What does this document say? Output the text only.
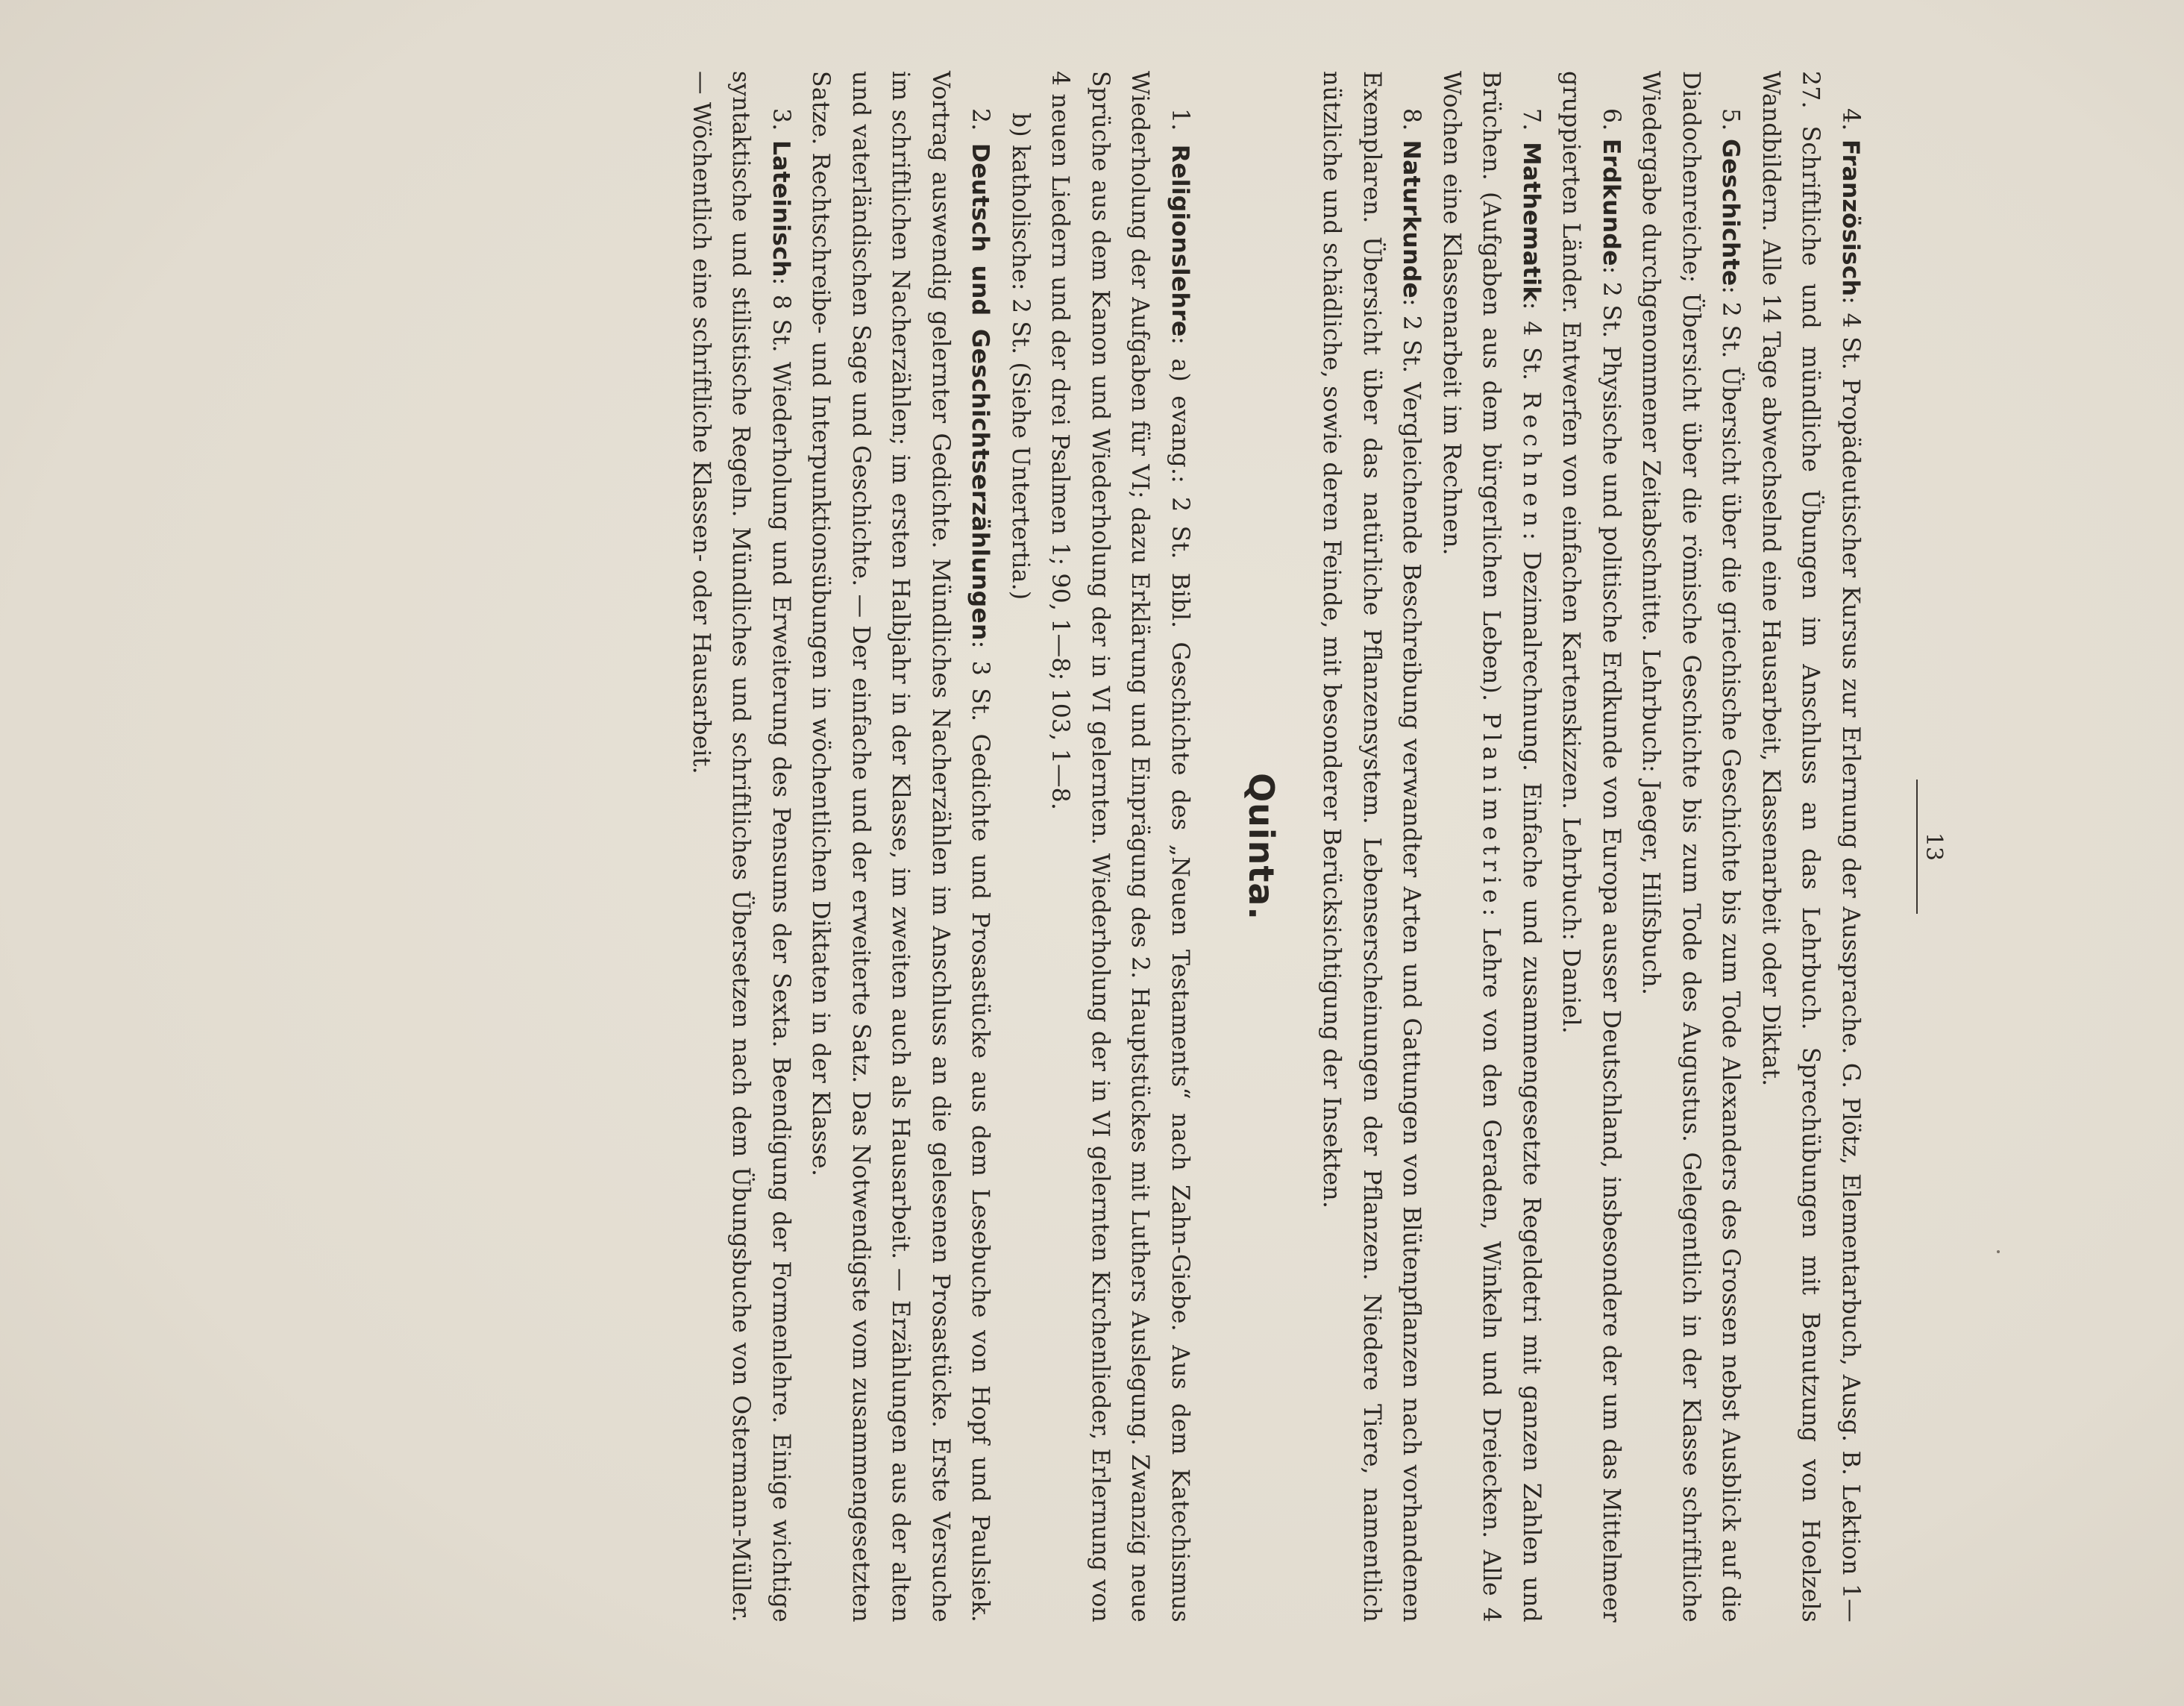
13

4. Französisch: 4 St. Propädeutischer Kursus zur Erlernung der Aussprache. G. Plötz, Elementarbuch, Ausg. B. Lektion 1—27. Schriftliche und mündliche Übungen im Anschluss an das Lehrbuch. Sprechübungen mit Benutzung von Hoelzels Wandbildern. Alle 14 Tage abwechselnd eine Hausarbeit, Klassenarbeit oder Diktat.

5. Geschichte: 2 St. Übersicht über die griechische Geschichte bis zum Tode Alexanders des Grossen nebst Ausblick auf die Diadochenreiche; Übersicht über die römische Geschichte bis zum Tode des Augustus. Gelegentlich in der Klasse schriftliche Wiedergabe durchgenommener Zeitabschnitte. Lehrbuch: Jaeger, Hilfsbuch.

6. Erdkunde: 2 St. Physische und politische Erdkunde von Europa ausser Deutschland, insbesondere der um das Mittelmeer gruppierten Länder. Entwerfen von einfachen Kartenskizzen. Lehrbuch: Daniel.

7. Mathematik: 4 St. Rechnen: Dezimalrechnung. Einfache und zusammengesetzte Regeldetri mit ganzen Zahlen und Brüchen. (Aufgaben aus dem bürgerlichen Leben). Planimetrie: Lehre von den Geraden, Winkeln und Dreiecken. Alle 4 Wochen eine Klassenarbeit im Rechnen.

8. Naturkunde: 2 St. Vergleichende Beschreibung verwandter Arten und Gattungen von Blütenpflanzen nach vorhandenen Exemplaren. Übersicht über das natürliche Pflanzensystem. Lebenserscheinungen der Pflanzen. Niedere Tiere, namentlich nützliche und schädliche, sowie deren Feinde, mit besonderer Berücksichtigung der Insekten.

Quinta.

1. Religionslehre: a) evang.: 2 St. Bibl. Geschichte des „Neuen Testaments“ nach Zahn-Giebe. Aus dem Katechismus Wiederholung der Aufgaben für VI; dazu Erklärung und Einprägung des 2. Hauptstückes mit Luthers Auslegung. Zwanzig neue Sprüche aus dem Kanon und Wiederholung der in VI gelernten. Wiederholung der in VI gelernten Kirchenlieder, Erlernung von 4 neuen Liedern und der drei Psalmen 1; 90, 1—8; 103, 1—8.

b) katholische: 2 St. (Siehe Untertertia.)

2. Deutsch und Geschichtserzählungen: 3 St. Gedichte und Prosastücke aus dem Lesebuche von Hopf und Paulsiek. Vortrag auswendig gelernter Gedichte. Mündliches Nacherzählen im Anschluss an die gelesenen Prosastücke. Erste Versuche im schriftlichen Nacherzählen; im ersten Halbjahr in der Klasse, im zweiten auch als Hausarbeit. — Erzählungen aus der alten und vaterländischen Sage und Geschichte. — Der einfache und der erweiterte Satz. Das Notwendigste vom zusammengesetzten Satze. Rechtschreibe- und Interpunktionsübungen in wöchentlichen Diktaten in der Klasse.

3. Lateinisch: 8 St. Wiederholung und Erweiterung des Pensums der Sexta. Beendigung der Formenlehre. Einige wichtige syntaktische und stilistische Regeln. Mündliches und schriftliches Übersetzen nach dem Übungsbuche von Ostermann-Müller. — Wöchentlich eine schriftliche Klassen- oder Hausarbeit.
